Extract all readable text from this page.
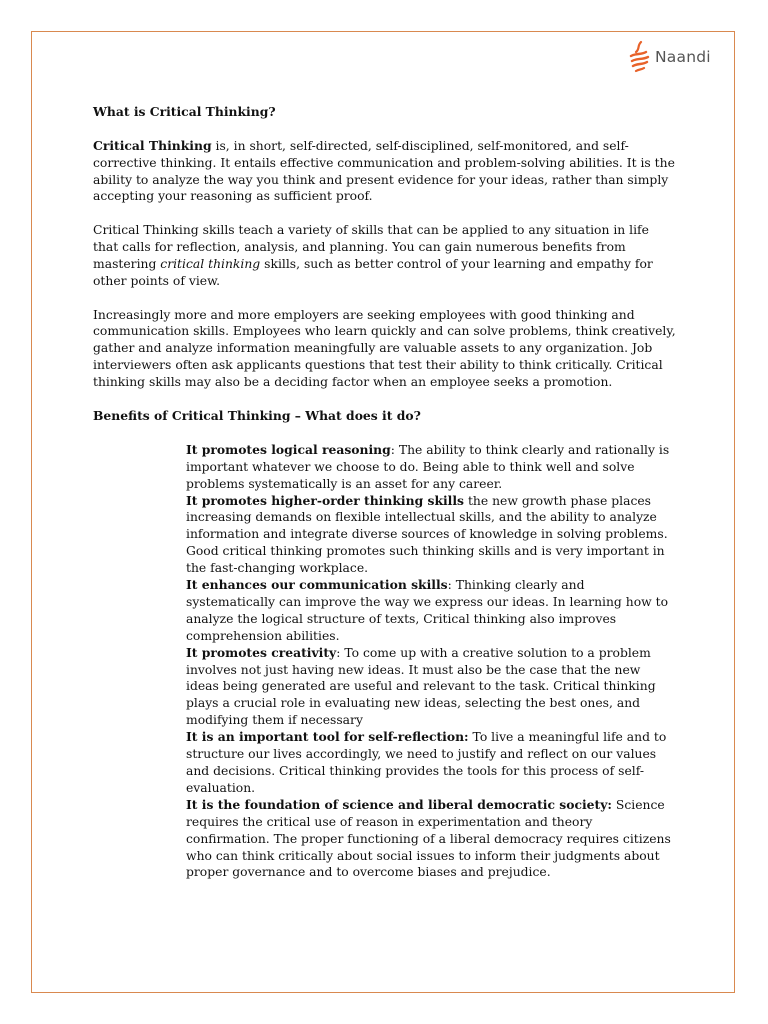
Naandi

What is Critical Thinking?

Critical Thinking is, in short, self-directed, self-disciplined, self-monitored, and self-corrective thinking. It entails effective communication and problem-solving abilities. It is the ability to analyze the way you think and present evidence for your ideas, rather than simply accepting your reasoning as sufficient proof.

Critical Thinking skills teach a variety of skills that can be applied to any situation in life that calls for reflection, analysis, and planning. You can gain numerous benefits from mastering critical thinking skills, such as better control of your learning and empathy for other points of view.

Increasingly more and more employers are seeking employees with good thinking and communication skills. Employees who learn quickly and can solve problems, think creatively, gather and analyze information meaningfully are valuable assets to any organization. Job interviewers often ask applicants questions that test their ability to think critically. Critical thinking skills may also be a deciding factor when an employee seeks a promotion.

Benefits of Critical Thinking – What does it do?

It promotes logical reasoning: The ability to think clearly and rationally is important whatever we choose to do. Being able to think well and solve problems systematically is an asset for any career.

It promotes higher-order thinking skills the new growth phase places increasing demands on flexible intellectual skills, and the ability to analyze information and integrate diverse sources of knowledge in solving problems. Good critical thinking promotes such thinking skills and is very important in the fast-changing workplace.

It enhances our communication skills: Thinking clearly and systematically can improve the way we express our ideas. In learning how to analyze the logical structure of texts, Critical thinking also improves comprehension abilities.

It promotes creativity: To come up with a creative solution to a problem involves not just having new ideas. It must also be the case that the new ideas being generated are useful and relevant to the task. Critical thinking plays a crucial role in evaluating new ideas, selecting the best ones, and modifying them if necessary

It is an important tool for self-reflection: To live a meaningful life and to structure our lives accordingly, we need to justify and reflect on our values and decisions. Critical thinking provides the tools for this process of self-evaluation.

It is the foundation of science and liberal democratic society: Science requires the critical use of reason in experimentation and theory confirmation. The proper functioning of a liberal democracy requires citizens who can think critically about social issues to inform their judgments about proper governance and to overcome biases and prejudice.
